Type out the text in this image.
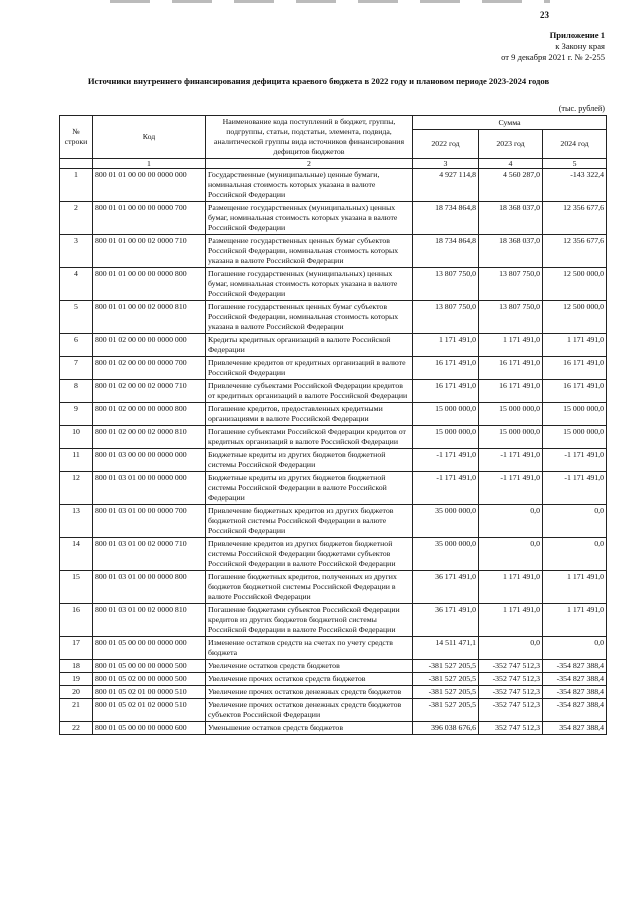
23
Приложение 1
к Закону края
от 9 декабря 2021 г. № 2-255
Источники внутреннего финансирования дефицита краевого бюджета в 2022 году и плановом периоде 2023-2024 годов
(тыс. рублей)
№ строки	Код	Наименование кода поступлений в бюджет, группы, подгруппы, статьи, подстатьи, элемента, подвида, аналитической группы вида источников финансирования дефицитов бюджетов	Сумма		
			2022 год	2023 год	2024 год
	1	2	3	4	5
1	800 01 01 00 00 00 0000 000	Государственные (муниципальные) ценные бумаги, номинальная стоимость которых указана в валюте Российской Федерации	4 927 114,8	4 560 287,0	-143 322,4
2	800 01 01 00 00 00 0000 700	Размещение государственных (муниципальных) ценных бумаг, номинальная стоимость которых указана в валюте Российской Федерации	18 734 864,8	18 368 037,0	12 356 677,6
3	800 01 01 00 00 02 0000 710	Размещение государственных ценных бумаг субъектов Российской Федерации, номинальная стоимость которых указана в валюте Российской Федерации	18 734 864,8	18 368 037,0	12 356 677,6
4	800 01 01 00 00 00 0000 800	Погашение государственных (муниципальных) ценных бумаг, номинальная стоимость которых указана в валюте Российской Федерации	13 807 750,0	13 807 750,0	12 500 000,0
5	800 01 01 00 00 02 0000 810	Погашение государственных ценных бумаг субъектов Российской Федерации, номинальная стоимость которых указана в валюте Российской Федерации	13 807 750,0	13 807 750,0	12 500 000,0
6	800 01 02 00 00 00 0000 000	Кредиты кредитных организаций в валюте Российской Федерации	1 171 491,0	1 171 491,0	1 171 491,0
7	800 01 02 00 00 00 0000 700	Привлечение кредитов от кредитных организаций в валюте Российской Федерации	16 171 491,0	16 171 491,0	16 171 491,0
8	800 01 02 00 00 02 0000 710	Привлечение субъектами Российской Федерации кредитов от кредитных организаций в валюте Российской Федерации	16 171 491,0	16 171 491,0	16 171 491,0
9	800 01 02 00 00 00 0000 800	Погашение кредитов, предоставленных кредитными организациями в валюте Российской Федерации	15 000 000,0	15 000 000,0	15 000 000,0
10	800 01 02 00 00 02 0000 810	Погашение субъектами Российской Федерации кредитов от кредитных организаций в валюте Российской Федерации	15 000 000,0	15 000 000,0	15 000 000,0
11	800 01 03 00 00 00 0000 000	Бюджетные кредиты из других бюджетов бюджетной системы Российской Федерации	-1 171 491,0	-1 171 491,0	-1 171 491,0
12	800 01 03 01 00 00 0000 000	Бюджетные кредиты из других бюджетов бюджетной системы Российской Федерации в валюте Российской Федерации	-1 171 491,0	-1 171 491,0	-1 171 491,0
13	800 01 03 01 00 00 0000 700	Привлечение бюджетных кредитов из других бюджетов бюджетной системы Российской Федерации в валюте Российской Федерации	35 000 000,0	0,0	0,0
14	800 01 03 01 00 02 0000 710	Привлечение кредитов из других бюджетов бюджетной системы Российской Федерации бюджетами субъектов Российской Федерации в валюте Российской Федерации	35 000 000,0	0,0	0,0
15	800 01 03 01 00 00 0000 800	Погашение бюджетных кредитов, полученных из других бюджетов бюджетной системы Российской Федерации в валюте Российской Федерации	36 171 491,0	1 171 491,0	1 171 491,0
16	800 01 03 01 00 02 0000 810	Погашение бюджетами субъектов Российской Федерации кредитов из других бюджетов бюджетной системы Российской Федерации в валюте Российской Федерации	36 171 491,0	1 171 491,0	1 171 491,0
17	800 01 05 00 00 00 0000 000	Изменение остатков средств на счетах по учету средств бюджета	14 511 471,1	0,0	0,0
18	800 01 05 00 00 00 0000 500	Увеличение остатков средств бюджетов	-381 527 205,5	-352 747 512,3	-354 827 388,4
19	800 01 05 02 00 00 0000 500	Увеличение прочих остатков средств бюджетов	-381 527 205,5	-352 747 512,3	-354 827 388,4
20	800 01 05 02 01 00 0000 510	Увеличение прочих остатков денежных средств бюджетов	-381 527 205,5	-352 747 512,3	-354 827 388,4
21	800 01 05 02 01 02 0000 510	Увеличение прочих остатков денежных средств бюджетов субъектов Российской Федерации	-381 527 205,5	-352 747 512,3	-354 827 388,4
22	800 01 05 00 00 00 0000 600	Уменьшение остатков средств бюджетов	396 038 676,6	352 747 512,3	354 827 388,4
